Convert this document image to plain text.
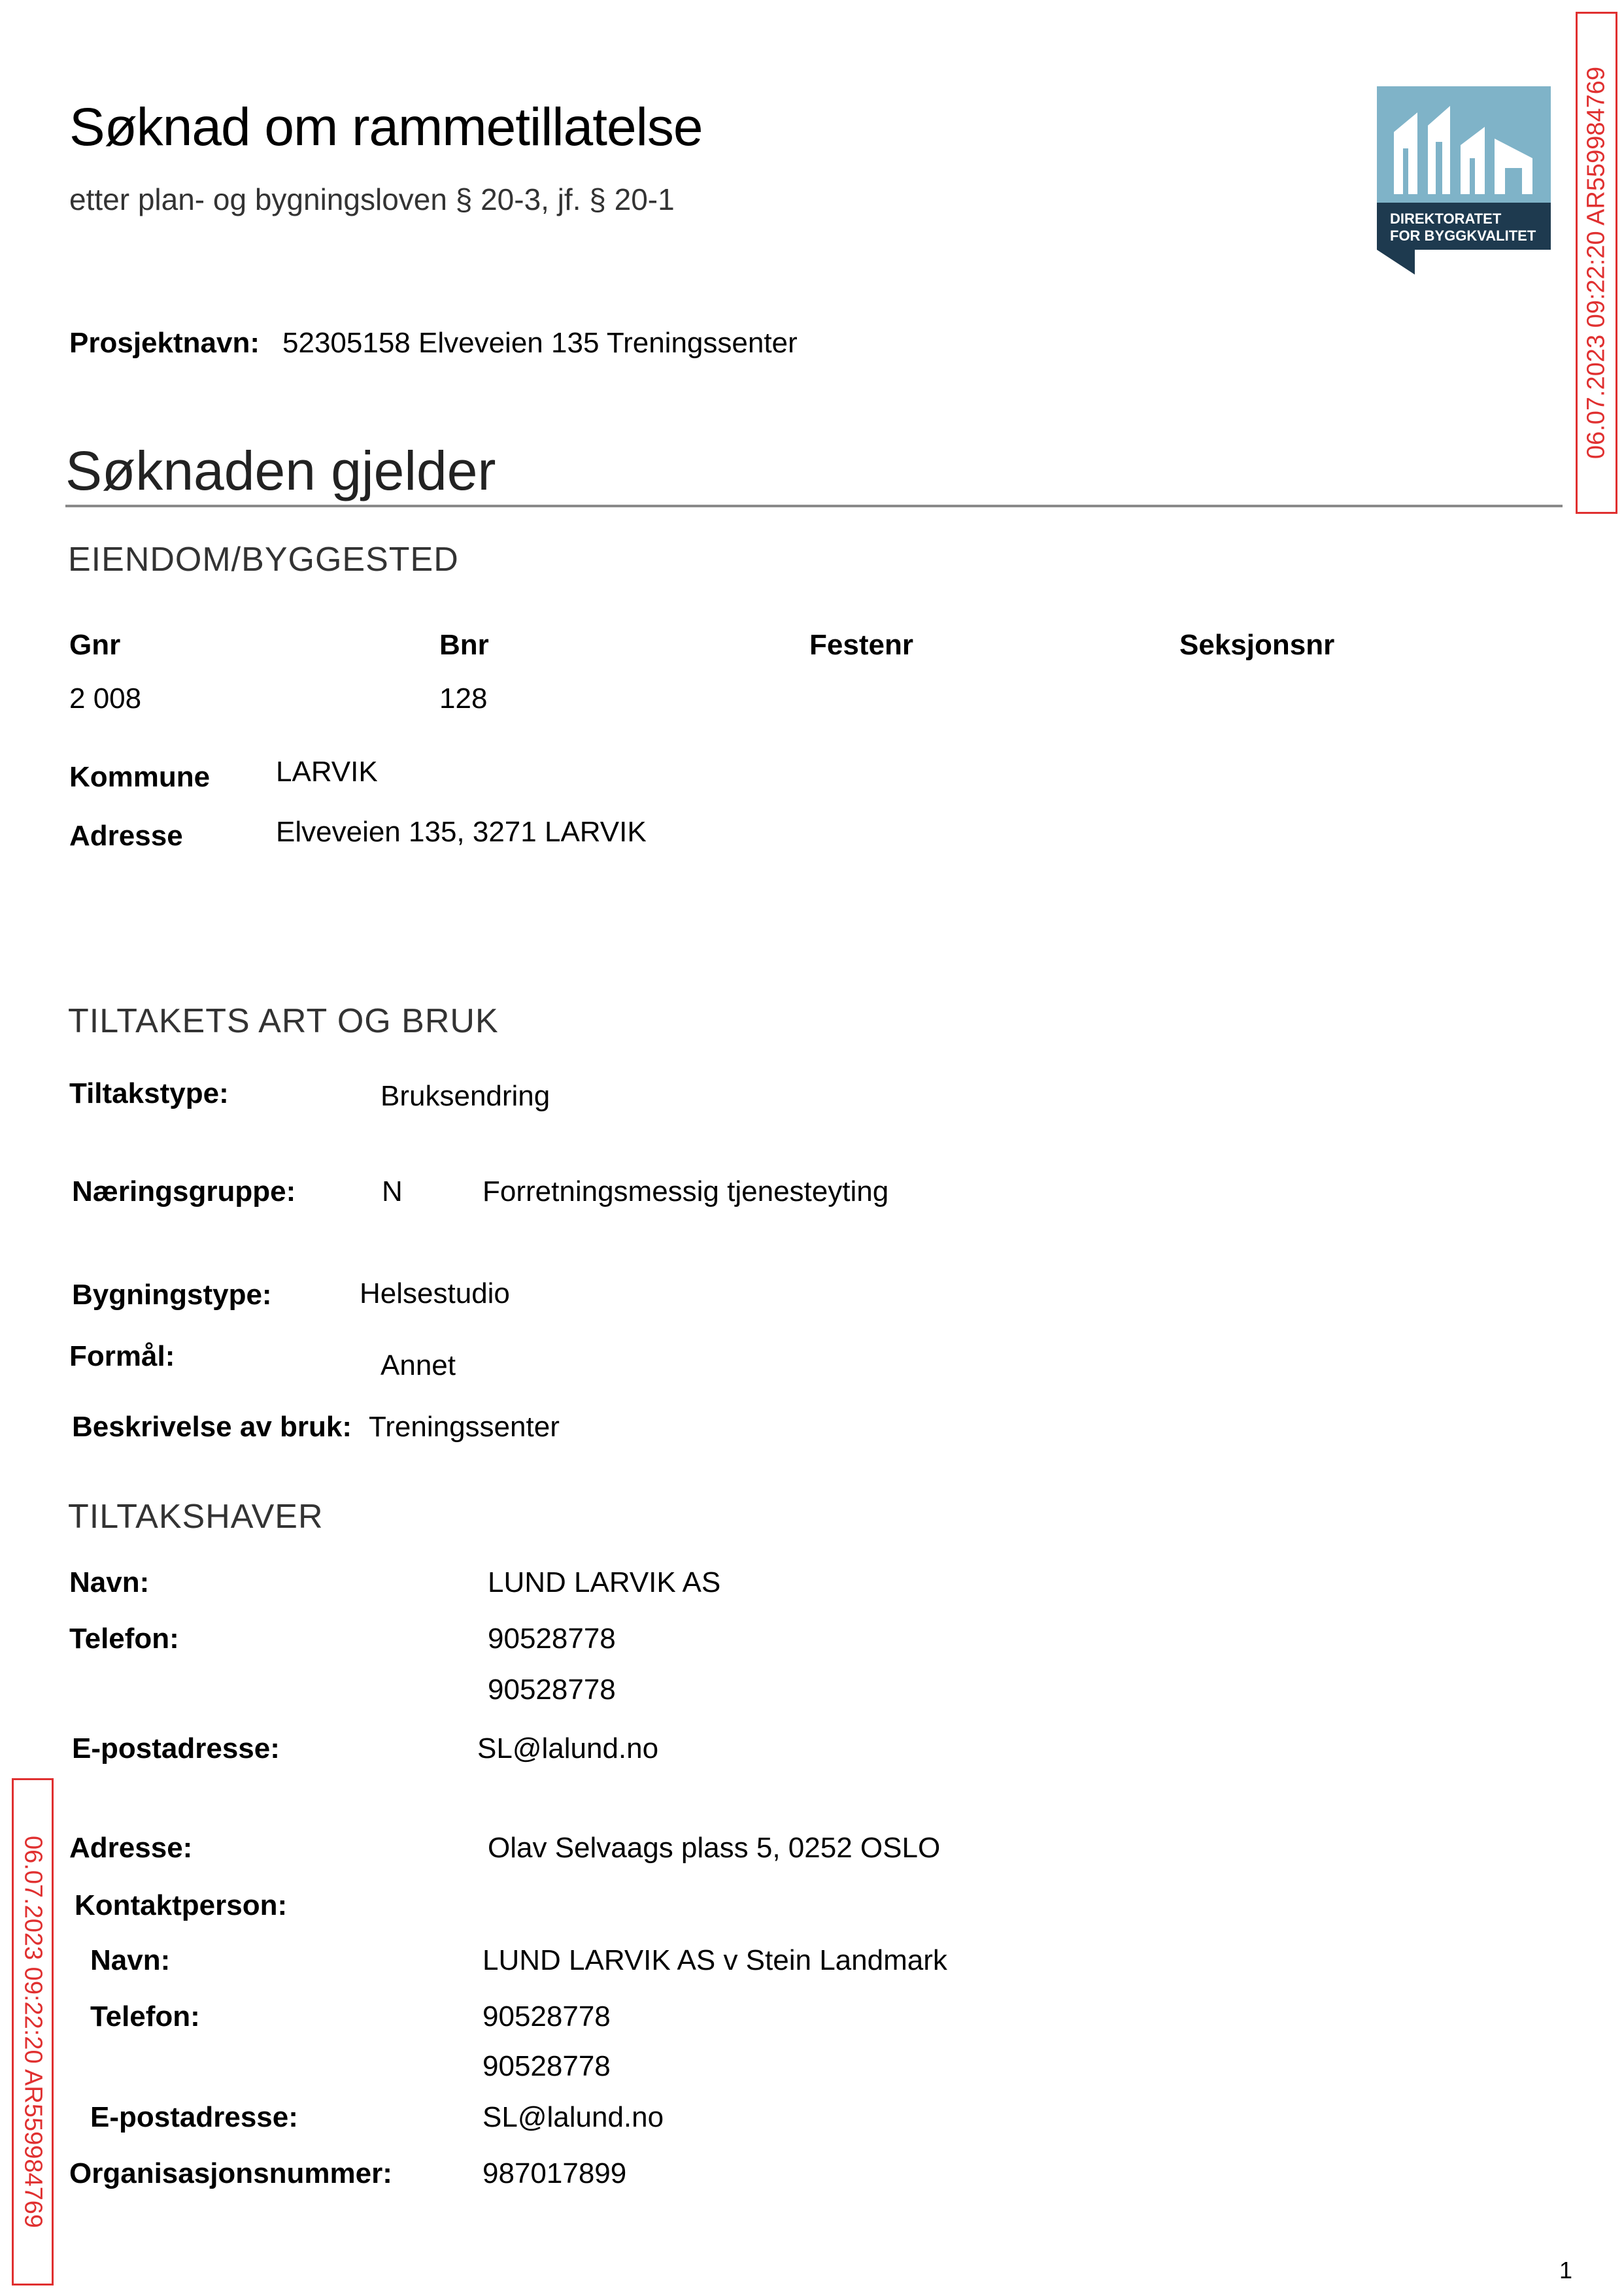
Søknad om rammetillatelse
etter plan- og bygningsloven § 20-3, jf. § 20-1
DIREKTORATET
FOR BYGGKVALITET 06.07.2023 09:22:20 AR559984769
06.07.2023 09:22:20 AR559984769
Prosjektnavn: 52305158 Elveveien 135 Treningssenter
Søknaden gjelder
EIENDOM/BYGGESTED
Gnr	Bnr	Festenr	Seksjonsnr
2 008	128
Kommune LARVIK
Adresse	Elveveien 135, 3271 LARVIK
TILTAKETS ART OG BRUK
Tiltakstype:	Bruksendring
Næringsgruppe:	N	Forretningsmessig tjenesteyting
Bygningstype:	Helsestudio
Formål:	Annet
Beskrivelse av bruk: Treningssenter
TILTAKSHAVER
Navn:	LUND LARVIK AS
Telefon:	90528778
90528778
E-postadresse:	SL@lalund.no
Adresse:	Olav Selvaags plass 5, 0252 OSLO
Kontaktperson:
Navn:	LUND LARVIK AS v Stein Landmark
Telefon:	90528778
90528778
E-postadresse:	SL@lalund.no
Organisasjonsnummer:	987017899
1
